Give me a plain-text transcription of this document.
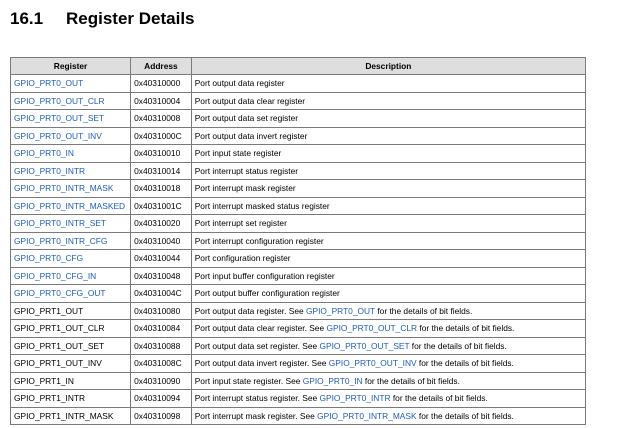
16.1 Register Details
Register	Address	Description
GPIO_PRT0_OUT	0x40310000	Port output data register
GPIO_PRT0_OUT_CLR	0x40310004	Port output data clear register
GPIO_PRT0_OUT_SET	0x40310008	Port output data set register
GPIO_PRT0_OUT_INV	0x4031000C	Port output data invert register
GPIO_PRT0_IN	0x40310010	Port input state register
GPIO_PRT0_INTR	0x40310014	Port interrupt status register
GPIO_PRT0_INTR_MASK	0x40310018	Port interrupt mask register
GPIO_PRT0_INTR_MASKED	0x4031001C	Port interrupt masked status register
GPIO_PRT0_INTR_SET	0x40310020	Port interrupt set register
GPIO_PRT0_INTR_CFG	0x40310040	Port interrupt configuration register
GPIO_PRT0_CFG	0x40310044	Port configuration register
GPIO_PRT0_CFG_IN	0x40310048	Port input buffer configuration register
GPIO_PRT0_CFG_OUT	0x4031004C	Port output buffer configuration register
GPIO_PRT1_OUT	0x40310080	Port output data register. See GPIO_PRT0_OUT for the details of bit fields.
GPIO_PRT1_OUT_CLR	0x40310084	Port output data clear register. See GPIO_PRT0_OUT_CLR for the details of bit fields.
GPIO_PRT1_OUT_SET	0x40310088	Port output data set register. See GPIO_PRT0_OUT_SET for the details of bit fields.
GPIO_PRT1_OUT_INV	0x4031008C	Port output data invert register. See GPIO_PRT0_OUT_INV for the details of bit fields.
GPIO_PRT1_IN	0x40310090	Port input state register. See GPIO_PRT0_IN for the details of bit fields.
GPIO_PRT1_INTR	0x40310094	Port interrupt status register. See GPIO_PRT0_INTR for the details of bit fields.
GPIO_PRT1_INTR_MASK	0x40310098	Port interrupt mask register. See GPIO_PRT0_INTR_MASK for the details of bit fields.
